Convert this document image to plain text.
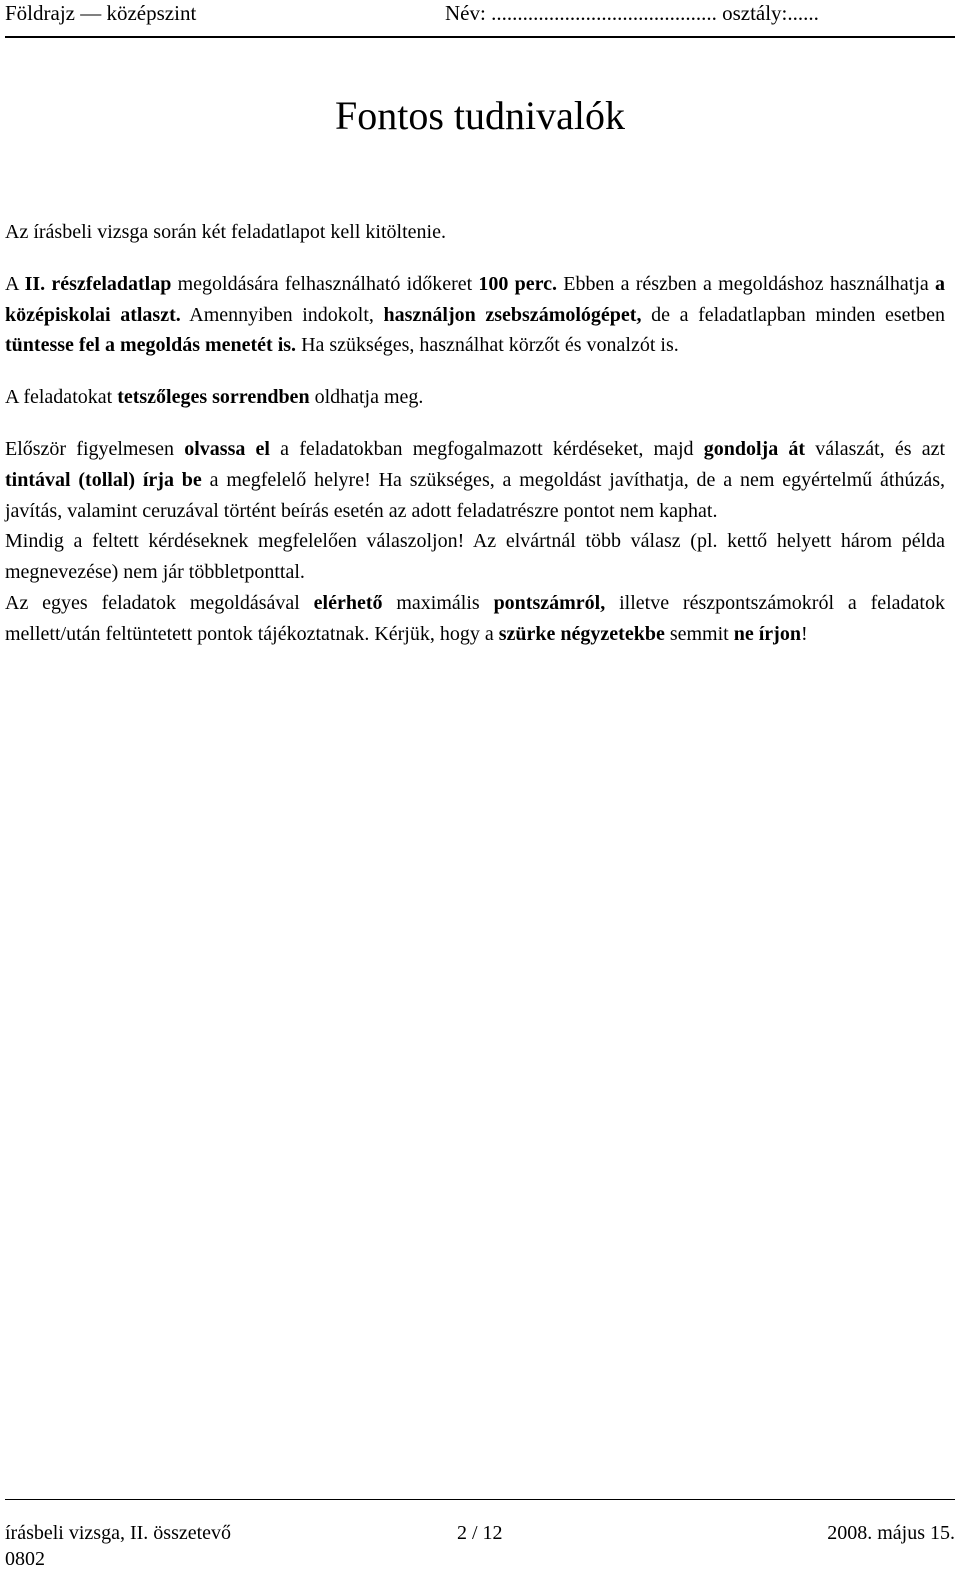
Földrajz — középszint	Név: ........................................... osztály:......
Fontos tudnivalók

Az írásbeli vizsga során két feladatlapot kell kitöltenie.

A II. részfeladatlap megoldására felhasználható időkeret 100 perc. Ebben a részben a megoldáshoz használhatja a középiskolai atlaszt. Amennyiben indokolt, használjon zsebszámológépet, de a feladatlapban minden esetben tüntesse fel a megoldás menetét is. Ha szükséges, használhat körzőt és vonalzót is.

A feladatokat tetszőleges sorrendben oldhatja meg.

Először figyelmesen olvassa el a feladatokban megfogalmazott kérdéseket, majd gondolja át válaszát, és azt tintával (tollal) írja be a megfelelő helyre! Ha szükséges, a megoldást javíthatja, de a nem egyértelmű áthúzás, javítás, valamint ceruzával történt beírás esetén az adott feladatrészre pontot nem kaphat.

Mindig a feltett kérdéseknek megfelelően válaszoljon! Az elvártnál több válasz (pl. kettő helyett három példa megnevezése) nem jár többletponttal.

Az egyes feladatok megoldásával elérhető maximális pontszámról, illetve részpontszámokról a feladatok mellett/után feltüntetett pontok tájékoztatnak. Kérjük, hogy a szürke négyzetekbe semmit ne írjon!

írásbeli vizsga, II. összetevő	2 / 12	2008. május 15.
0802
